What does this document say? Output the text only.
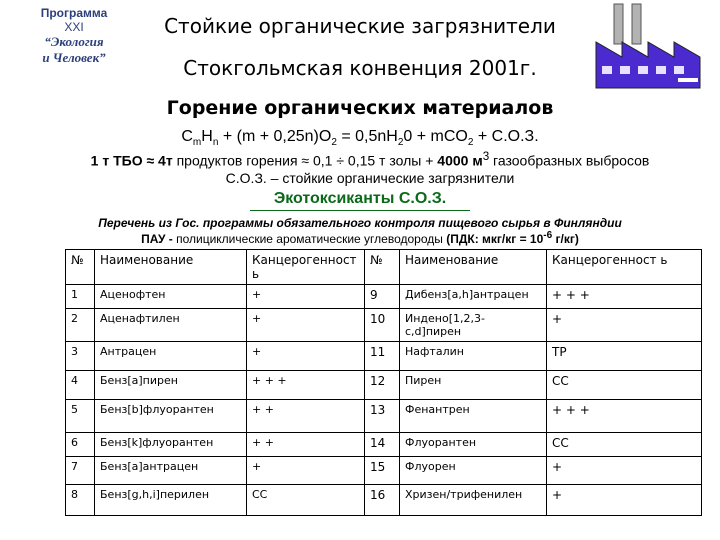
Программа
XXI
“Экология
и Человек”
Стойкие органические загрязнители
Стокгольмская конвенция 2001г.
Горение органических материалов
$C_mH_n + (m + 0,25n)O_2 = 0,5nH_20 + mCO_2 + С.О.З$.
1 т ТБО ≈ 4т продуктов горения ≈ 0,1 ÷ 0,15 т золы + 4000 $м^3$ газообразных выбросов
С.О.З. – стойкие органические загрязнители
Экотоксиканты С.О.З.
Перечень из Гос. программы обязательного контроля пищевого сырья в Финляндии
ПАУ - полициклические ароматические углеводороды (ПДК: $мкг/кг = 10^{-6}$ г/кг)
№	Наименование	Канцерогенност ь	№	Наименование	Канцерогенност ь
1	Аценофтен	+	9	Дибенз[a,h]антрацен	+ + +
2	Аценафтилен	+	10	Индено[1,2,3-c,d]пирен	+
3	Антрацен	+	11	Нафталин	ТР
4	Бенз[a]пирен	+ + +	12	Пирен	СС
5	Бенз[b]флуорантен	+ +	13	Фенантрен	+ + +
6	Бенз[k]флуорантен	+ +	14	Флуорантен	СС
7	Бенз[a]антрацен	+	15	Флуорен	+
8	Бенз[g,h,i]перилен	СС	16	Хризен/трифенилен	+
